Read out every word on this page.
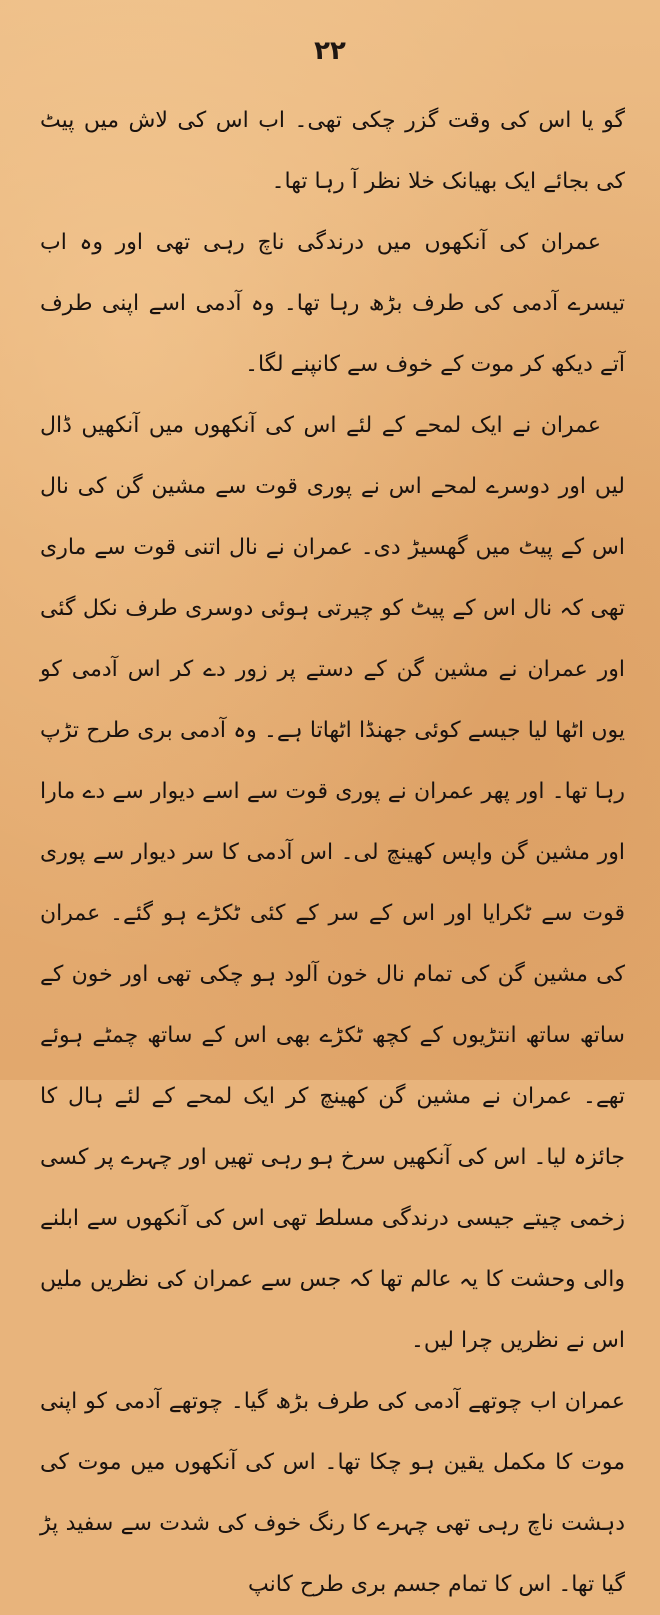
۲۲

گو یا اس کی وقت گزر چکی تھی۔ اب اس کی لاش میں پیٹ کی بجائے ایک بھیانک خلا نظر آ رہا تھا۔

عمران کی آنکھوں میں درندگی ناچ رہی تھی اور وہ اب تیسرے آدمی کی طرف بڑھ رہا تھا۔ وہ آدمی اسے اپنی طرف آتے دیکھ کر موت کے خوف سے کانپنے لگا۔

عمران نے ایک لمحے کے لئے اس کی آنکھوں میں آنکھیں ڈال لیں اور دوسرے لمحے اس نے پوری قوت سے مشین گن کی نال اس کے پیٹ میں گھسیڑ دی۔ عمران نے نال اتنی قوت سے ماری تھی کہ نال اس کے پیٹ کو چیرتی ہوئی دوسری طرف نکل گئی اور عمران نے مشین گن کے دستے پر زور دے کر اس آدمی کو یوں اٹھا لیا جیسے کوئی جھنڈا اٹھاتا ہے۔ وہ آدمی بری طرح تڑپ رہا تھا۔ اور پھر عمران نے پوری قوت سے اسے دیوار سے دے مارا اور مشین گن واپس کھینچ لی۔ اس آدمی کا سر دیوار سے پوری قوت سے ٹکرایا اور اس کے سر کے کئی ٹکڑے ہو گئے۔ عمران کی مشین گن کی تمام نال خون آلود ہو چکی تھی اور خون کے ساتھ ساتھ انتڑیوں کے کچھ ٹکڑے بھی اس کے ساتھ چمٹے ہوئے تھے۔ عمران نے مشین گن کھینچ کر ایک لمحے کے لئے ہال کا جائزہ لیا۔ اس کی آنکھیں سرخ ہو رہی تھیں اور چہرے پر کسی زخمی چیتے جیسی درندگی مسلط تھی اس کی آنکھوں سے ابلنے والی وحشت کا یہ عالم تھا کہ جس سے عمران کی نظریں ملیں اس نے نظریں چرا لیں۔

عمران اب چوتھے آدمی کی طرف بڑھ گیا۔ چوتھے آدمی کو اپنی موت کا مکمل یقین ہو چکا تھا۔ اس کی آنکھوں میں موت کی دہشت ناچ رہی تھی چہرے کا رنگ خوف کی شدت سے سفید پڑ گیا تھا۔ اس کا تمام جسم بری طرح کانپ
